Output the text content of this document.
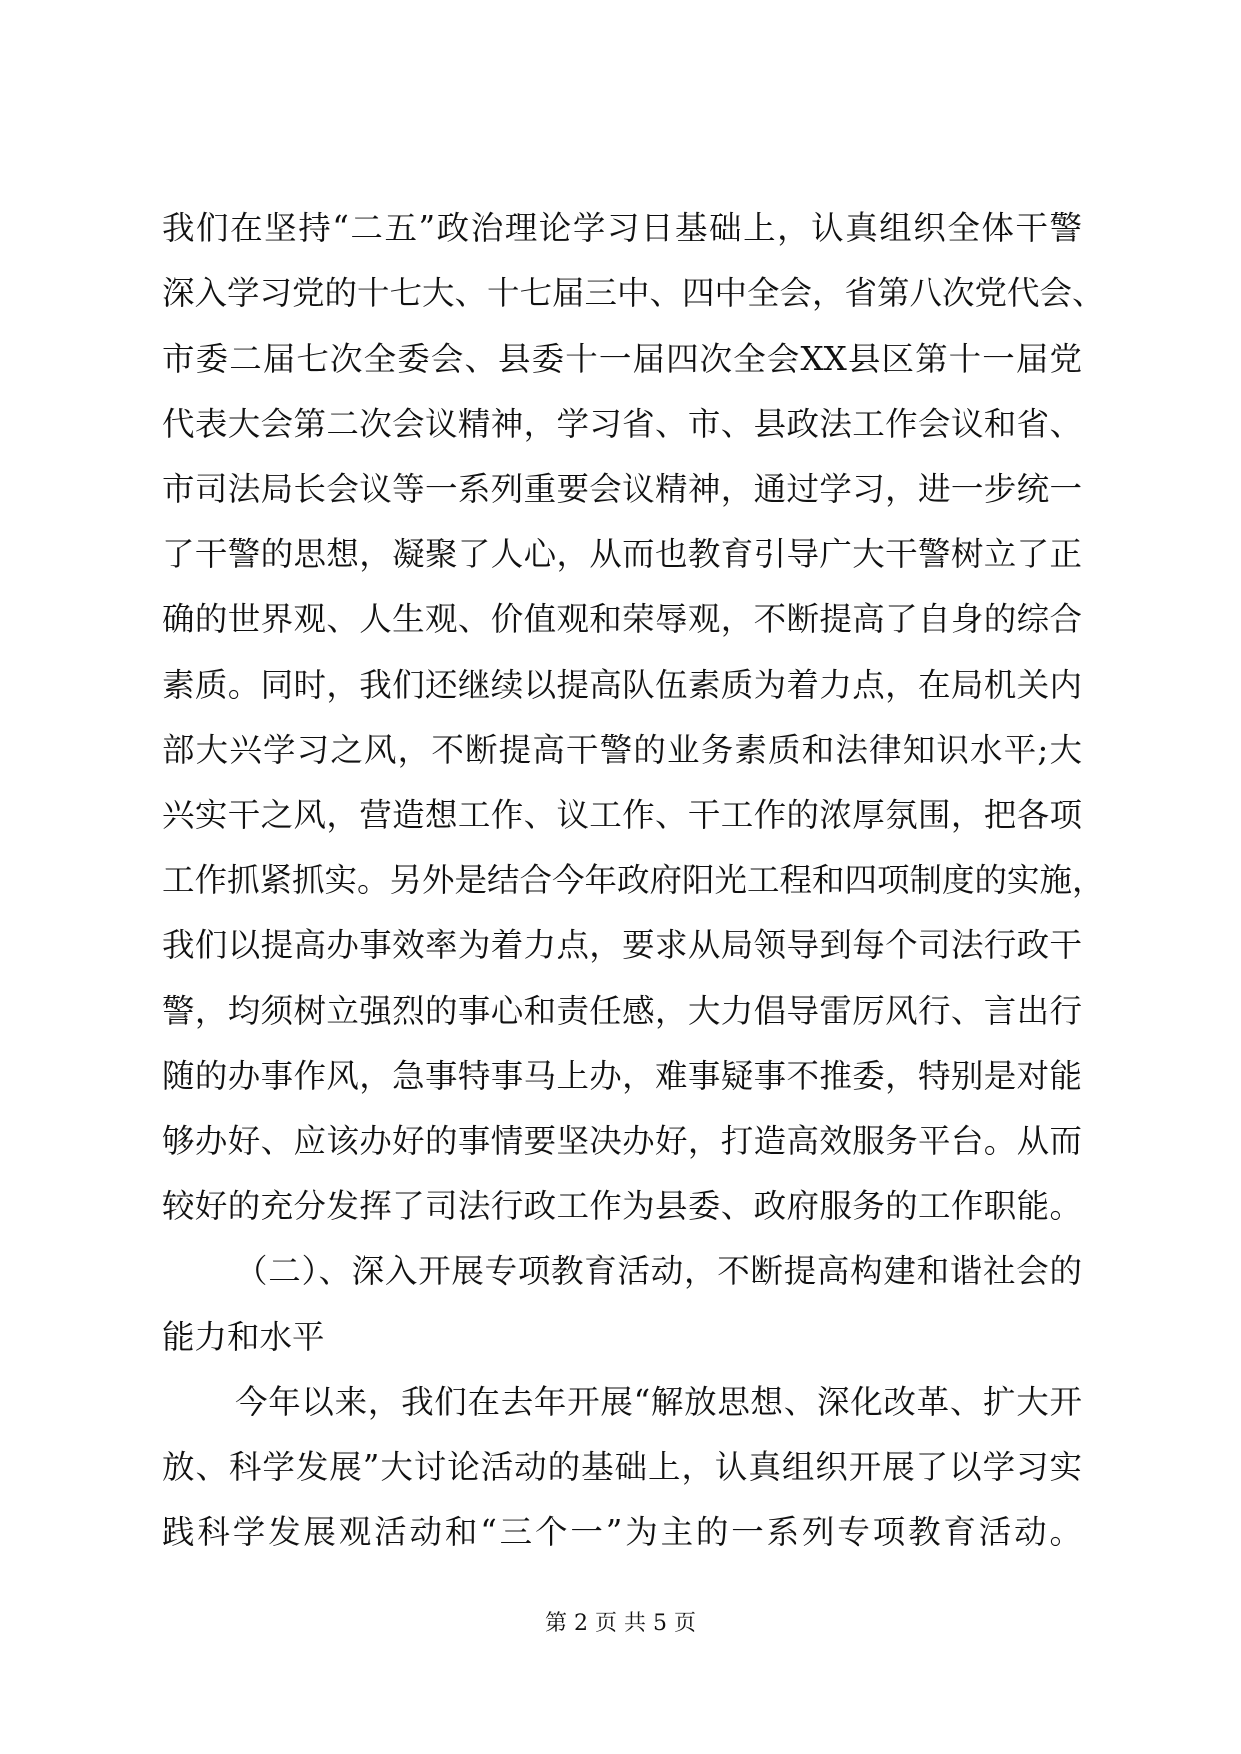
我们在坚持“二五”政治理论学习日基础上，认真组织全体干警
深入学习党的十七大、十七届三中、四中全会，省第八次党代会、
市委二届七次全委会、县委十一届四次全会XX县区第十一届党
代表大会第二次会议精神，学习省、市、县政法工作会议和省、
市司法局长会议等一系列重要会议精神，通过学习，进一步统一
了干警的思想，凝聚了人心，从而也教育引导广大干警树立了正
确的世界观、人生观、价值观和荣辱观，不断提高了自身的综合
素质。同时，我们还继续以提高队伍素质为着力点，在局机关内
部大兴学习之风，不断提高干警的业务素质和法律知识水平;大
兴实干之风，营造想工作、议工作、干工作的浓厚氛围，把各项
工作抓紧抓实。另外是结合今年政府阳光工程和四项制度的实施，
我们以提高办事效率为着力点，要求从局领导到每个司法行政干
警，均须树立强烈的事心和责任感，大力倡导雷厉风行、言出行
随的办事作风，急事特事马上办，难事疑事不推委，特别是对能
够办好、应该办好的事情要坚决办好，打造高效服务平台。从而
较好的充分发挥了司法行政工作为县委、政府服务的工作职能。
（二）、深入开展专项教育活动，不断提高构建和谐社会的
能力和水平
今年以来，我们在去年开展“解放思想、深化改革、扩大开
放、科学发展”大讨论活动的基础上，认真组织开展了以学习实
践科学发展观活动和“三个一”为主的一系列专项教育活动。
第 2 页 共 5 页
